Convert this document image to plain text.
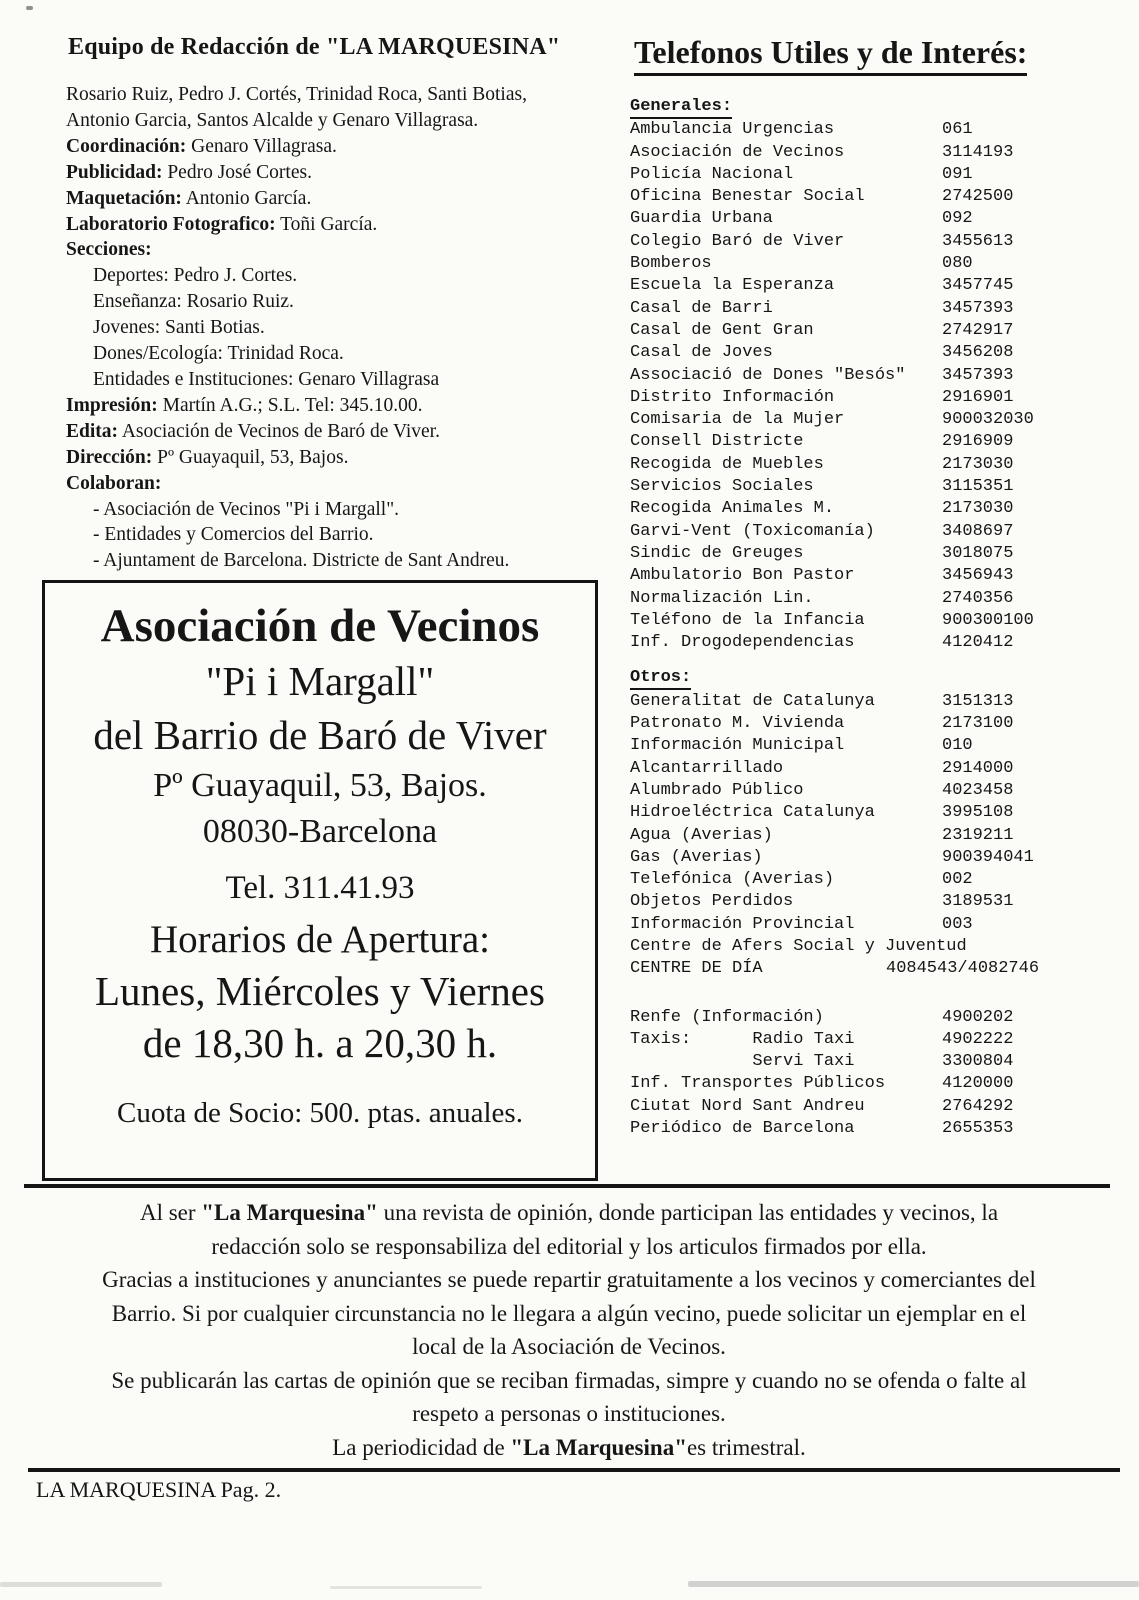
Equipo de Redacción de "LA MARQUESINA"
Rosario Ruiz, Pedro J. Cortés, Trinidad Roca, Santi Botias,
Antonio Garcia, Santos Alcalde y Genaro Villagrasa.
Coordinación: Genaro Villagrasa.
Publicidad: Pedro José Cortes.
Maquetación: Antonio García.
Laboratorio Fotografico: Toñi García.
Secciones:
Deportes: Pedro J. Cortes.
Enseñanza: Rosario Ruiz.
Jovenes: Santi Botias.
Dones/Ecología: Trinidad Roca.
Entidades e Instituciones: Genaro Villagrasa
Impresión: Martín A.G.; S.L. Tel: 345.10.00.
Edita: Asociación de Vecinos de Baró de Viver.
Dirección: Pº Guayaquil, 53, Bajos.
Colaboran:
- Asociación de Vecinos "Pi i Margall".
- Entidades y Comercios del Barrio.
- Ajuntament de Barcelona. Districte de Sant Andreu.
Asociación de Vecinos
"Pi i Margall"
del Barrio de Baró de Viver
Pº Guayaquil, 53, Bajos.
08030-Barcelona
Tel. 311.41.93
Horarios de Apertura:
Lunes, Miércoles y Viernes
de 18,30 h. a 20,30 h.
Cuota de Socio: 500. ptas. anuales.
Telefonos Utiles y de Interés:
Generales:
Ambulancia Urgencias	061
Asociación de Vecinos	3114193
Policía Nacional	091
Oficina Benestar Social	2742500
Guardia Urbana	092
Colegio Baró de Viver	3455613
Bomberos	080
Escuela la Esperanza	3457745
Casal de Barri	3457393
Casal de Gent Gran	2742917
Casal de Joves	3456208
Associació de Dones "Besós"	3457393
Distrito Información	2916901
Comisaria de la Mujer	900032030
Consell Districte	2916909
Recogida de Muebles	2173030
Servicios Sociales	3115351
Recogida Animales M.	2173030
Garvi-Vent (Toxicomanía)	3408697
Sindic de Greuges	3018075
Ambulatorio Bon Pastor	3456943
Normalización Lin.	2740356
Teléfono de la Infancia	900300100
Inf. Drogodependencias	4120412
Otros:
Generalitat de Catalunya	3151313
Patronato M. Vivienda	2173100
Información Municipal	010
Alcantarrillado	2914000
Alumbrado Público	4023458
Hidroeléctrica Catalunya	3995108
Agua (Averias)	2319211
Gas (Averias)	900394041
Telefónica (Averias)	002
Objetos Perdidos	3189531
Información Provincial	003
Centre de Afers Social y Juventud
CENTRE DE DÍA	4084543/4082746
Renfe (Información)	4900202
Taxis:      Radio Taxi	4902222
Servi Taxi	3300804
Inf. Transportes Públicos	4120000
Ciutat Nord Sant Andreu	2764292
Periódico de Barcelona	2655353
Al ser "La Marquesina" una revista de opinión, donde participan las entidades y vecinos, la
redacción solo se responsabiliza del editorial y los articulos firmados por ella.
Gracias a instituciones y anunciantes se puede repartir gratuitamente a los vecinos y comerciantes del
Barrio. Si por cualquier circunstancia no le llegara a algún vecino, puede solicitar un ejemplar en el
local de la Asociación de Vecinos.
Se publicarán las cartas de opinión que se reciban firmadas, simpre y cuando no se ofenda o falte al
respeto a personas o instituciones.
La periodicidad de "La Marquesina"es trimestral.
LA MARQUESINA Pag. 2.
